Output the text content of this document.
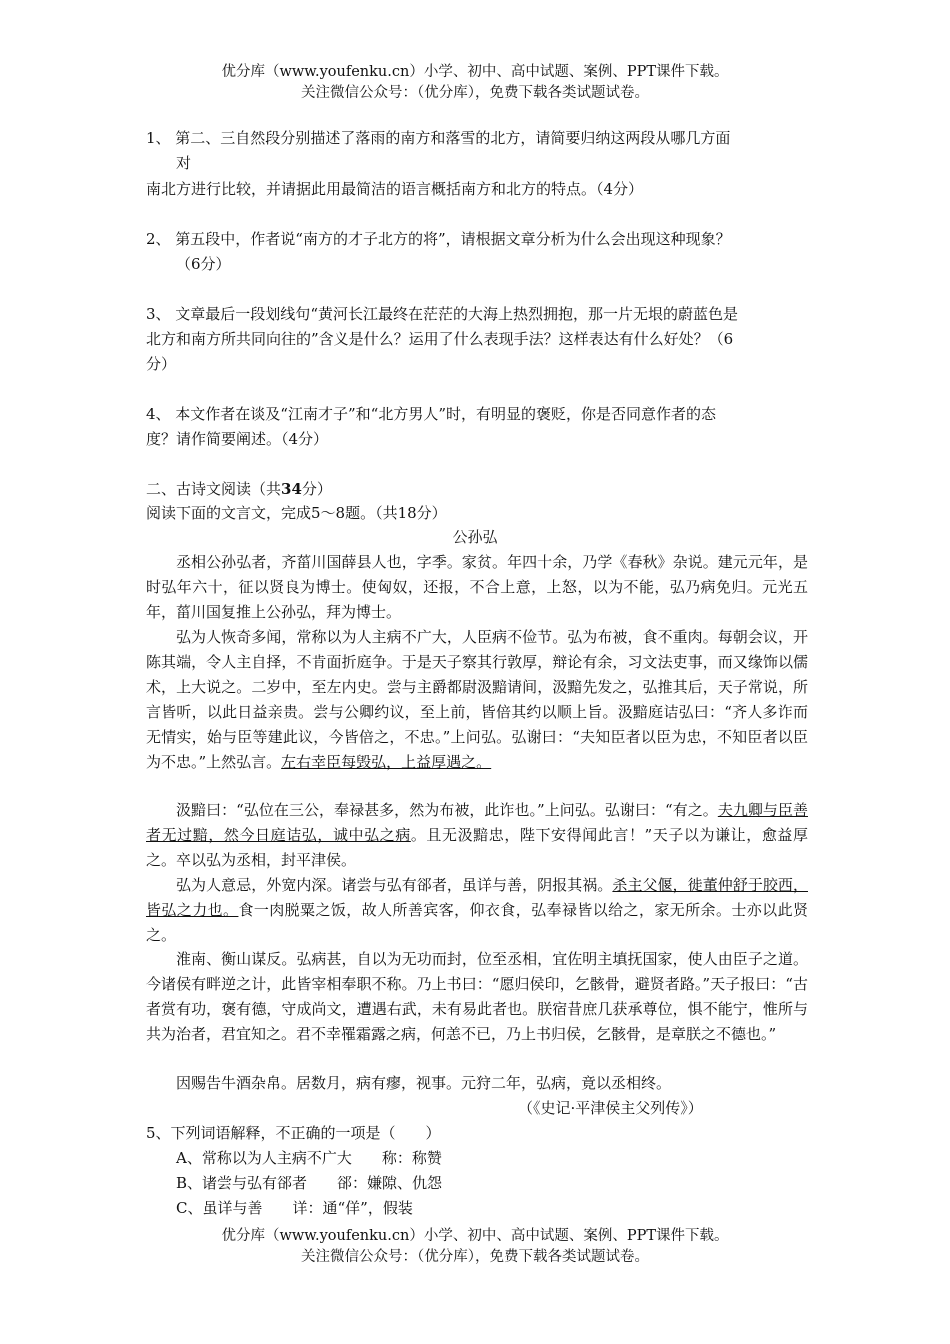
优分库（www.youfenku.cn）小学、初中、高中试题、案例、PPT课件下载。
关注微信公众号：（优分库），免费下载各类试题试卷。
1、 第二、三自然段分别描述了落雨的南方和落雪的北方，请简要归纳这两段从哪几方面
对
南北方进行比较，并请据此用最简洁的语言概括南方和北方的特点。（4分）
2、 第五段中，作者说“南方的才子北方的将”，请根据文章分析为什么会出现这种现象？
（6分）
3、 文章最后一段划线句“黄河长江最终在茫茫的大海上热烈拥抱，那一片无垠的蔚蓝色是
北方和南方所共同向往的”含义是什么？运用了什么表现手法？这样表达有什么好处？（6
分）
4、 本文作者在谈及“江南才子”和“北方男人”时，有明显的褒贬，你是否同意作者的态
度？请作简要阐述。（4分）
二、古诗文阅读（共34分）
阅读下面的文言文，完成5～8题。（共18分）
公孙弘
丞相公孙弘者，齐菑川国薛县人也，字季。家贫。年四十余，乃学《春秋》杂说。建元元年，是时弘年六十，征以贤良为博士。使匈奴，还报，不合上意，上怒，以为不能，弘乃病免归。元光五年，菑川国复推上公孙弘，拜为博士。
弘为人恢奇多闻，常称以为人主病不广大，人臣病不俭节。弘为布被，食不重肉。每朝会议，开陈其端，令人主自择，不肯面折庭争。于是天子察其行敦厚，辩论有余，习文法吏事，而又缘饰以儒术，上大说之。二岁中，至左内史。尝与主爵都尉汲黯请间，汲黯先发之，弘推其后，天子常说，所言皆听，以此日益亲贵。尝与公卿约议，至上前，皆倍其约以顺上旨。汲黯庭诘弘曰：“齐人多诈而无情实，始与臣等建此议，今皆倍之，不忠。”上问弘。弘谢曰：“夫知臣者以臣为忠，不知臣者以臣为不忠。”上然弘言。左右幸臣每毁弘，上益厚遇之。
汲黯曰：“弘位在三公，奉禄甚多，然为布被，此诈也。”上问弘。弘谢曰：“有之。夫九卿与臣善者无过黯，然今日庭诘弘，诚中弘之病。且无汲黯忠，陛下安得闻此言！”天子以为谦让，愈益厚之。卒以弘为丞相，封平津侯。
弘为人意忌，外宽内深。诸尝与弘有郤者，虽详与善，阴报其祸。杀主父偃，徙董仲舒于胶西，皆弘之力也。食一肉脱粟之饭，故人所善宾客，仰衣食，弘奉禄皆以给之，家无所余。士亦以此贤之。
淮南、衡山谋反。弘病甚，自以为无功而封，位至丞相，宜佐明主填抚国家，使人由臣子之道。今诸侯有畔逆之计，此皆宰相奉职不称。乃上书曰：“愿归侯印，乞骸骨，避贤者路。”天子报曰：“古者赏有功，褒有德，守成尚文，遭遇右武，未有易此者也。朕宿昔庶几获承尊位，惧不能宁，惟所与共为治者，君宜知之。君不幸罹霜露之病，何恙不已，乃上书归侯，乞骸骨，是章朕之不德也。”
因赐告牛酒杂帛。居数月，病有瘳，视事。元狩二年，弘病，竟以丞相终。
（《史记·平津侯主父列传》）
5、下列词语解释，不正确的一项是（　　）
A、常称以为人主病不广大　　称：称赞
B、诸尝与弘有郤者　　郤：嫌隙、仇怨
C、虽详与善　　详：通“佯”，假装
优分库（www.youfenku.cn）小学、初中、高中试题、案例、PPT课件下载。
关注微信公众号：（优分库），免费下载各类试题试卷。
